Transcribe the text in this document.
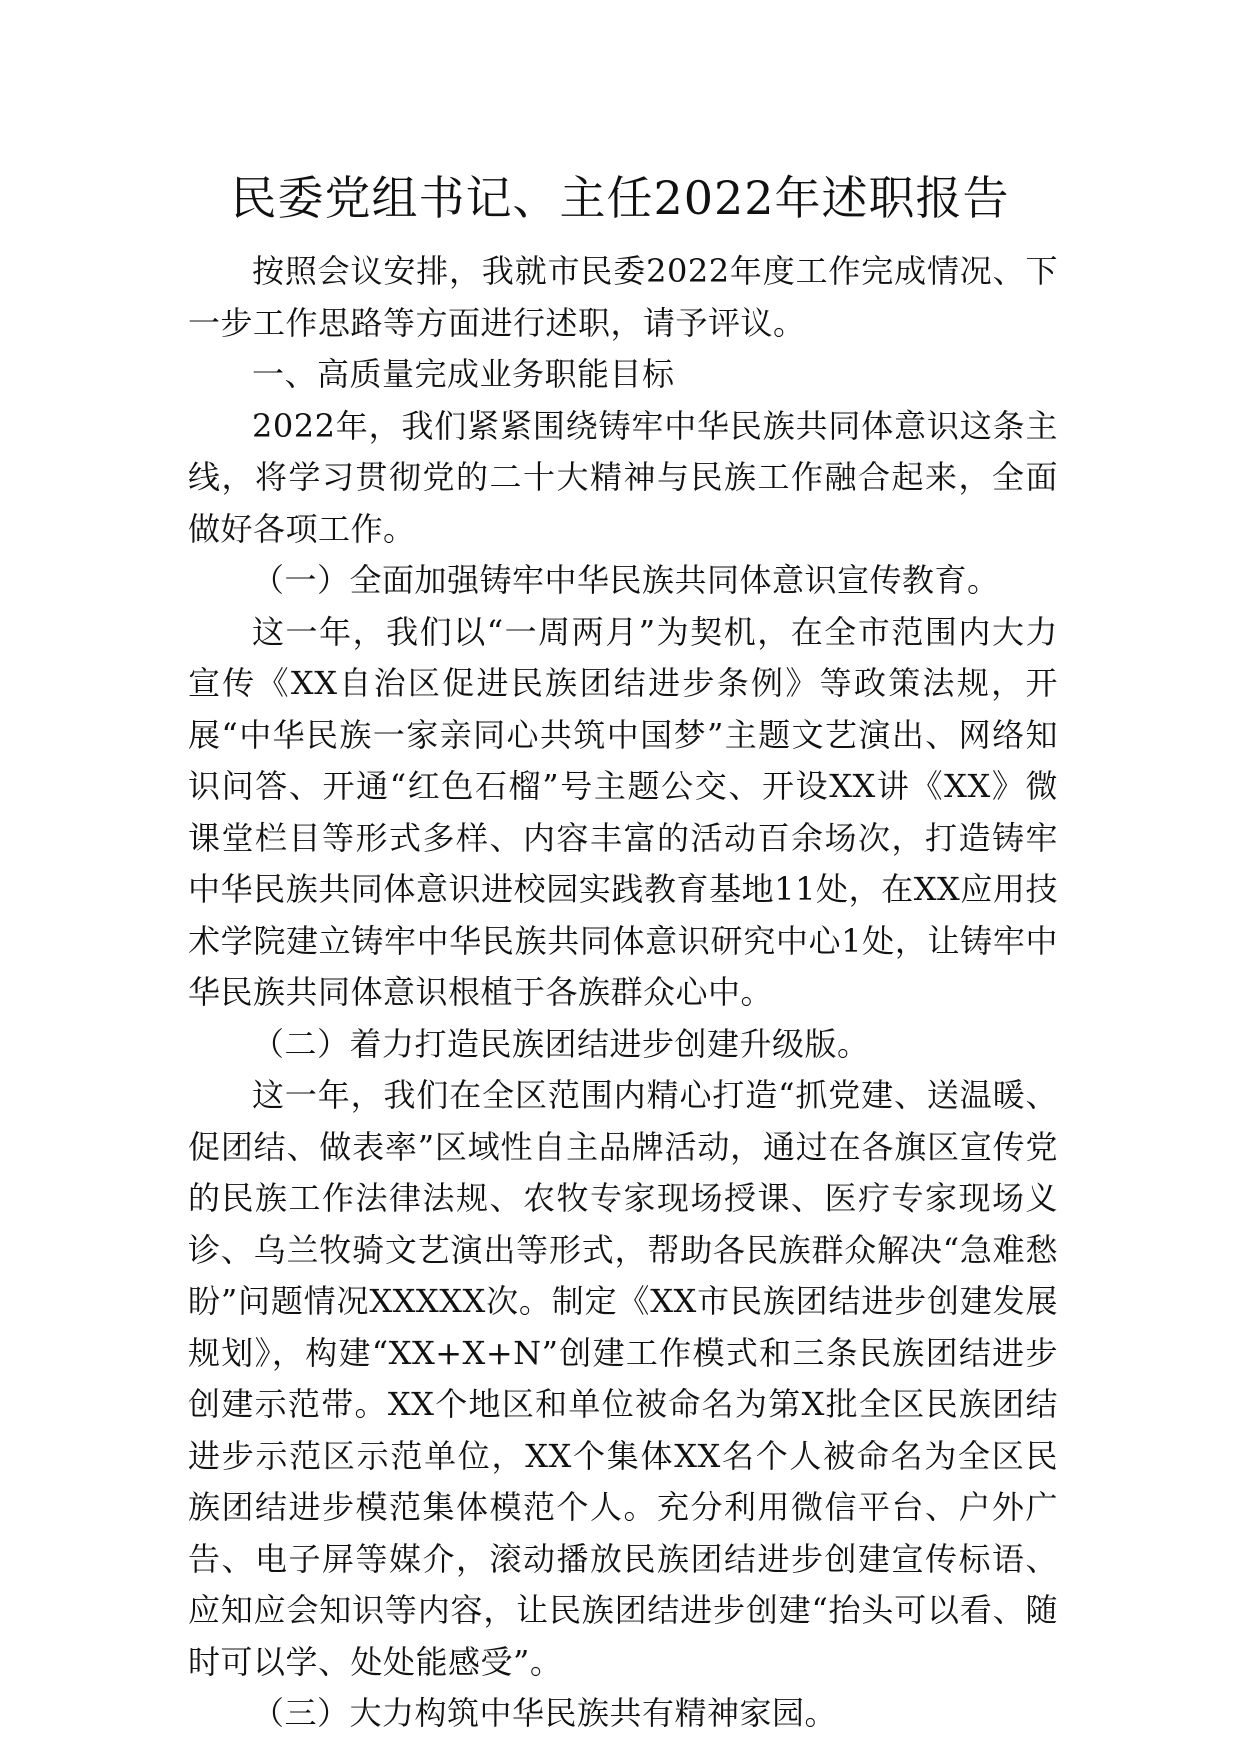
民委党组书记、主任2022年述职报告

按照会议安排，我就市民委2022年度工作完成情况、下一步工作思路等方面进行述职，请予评议。

一、高质量完成业务职能目标

2022年，我们紧紧围绕铸牢中华民族共同体意识这条主线，将学习贯彻党的二十大精神与民族工作融合起来，全面做好各项工作。

（一）全面加强铸牢中华民族共同体意识宣传教育。

这一年，我们以“一周两月”为契机，在全市范围内大力宣传《XX自治区促进民族团结进步条例》等政策法规，开展“中华民族一家亲同心共筑中国梦”主题文艺演出、网络知识问答、开通“红色石榴”号主题公交、开设XX讲《XX》微课堂栏目等形式多样、内容丰富的活动百余场次，打造铸牢中华民族共同体意识进校园实践教育基地11处，在XX应用技术学院建立铸牢中华民族共同体意识研究中心1处，让铸牢中华民族共同体意识根植于各族群众心中。

（二）着力打造民族团结进步创建升级版。

这一年，我们在全区范围内精心打造“抓党建、送温暖、促团结、做表率”区域性自主品牌活动，通过在各旗区宣传党的民族工作法律法规、农牧专家现场授课、医疗专家现场义诊、乌兰牧骑文艺演出等形式，帮助各民族群众解决“急难愁盼”问题情况XXXXX次。制定《XX市民族团结进步创建发展规划》，构建“XX+X+N”创建工作模式和三条民族团结进步创建示范带。XX个地区和单位被命名为第X批全区民族团结进步示范区示范单位，XX个集体XX名个人被命名为全区民族团结进步模范集体模范个人。充分利用微信平台、户外广告、电子屏等媒介，滚动播放民族团结进步创建宣传标语、应知应会知识等内容，让民族团结进步创建“抬头可以看、随时可以学、处处能感受”。

（三）大力构筑中华民族共有精神家园。
